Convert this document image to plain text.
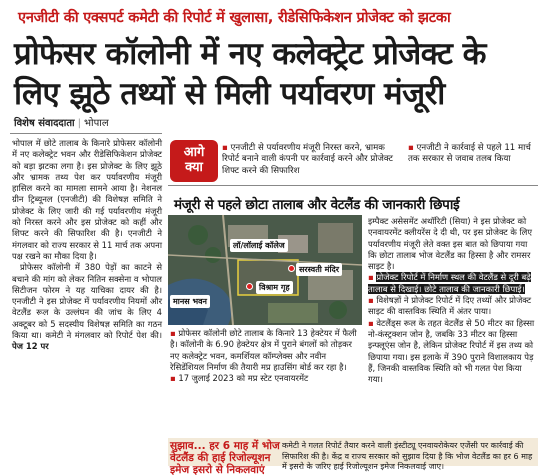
एनजीटी की एक्सपर्ट कमेटी की रिपोर्ट में खुलासा, रीडेसिफिकेशन प्रोजेक्ट को झटका
प्रोफेसर कॉलोनी में नए कलेक्ट्रेट प्रोजेक्ट के लिए झूठे तथ्यों से मिली पर्यावरण मंजूरी
विशेष संवाददाता | भोपाल

भोपाल में छोटे तालाब के किनारे प्रोफेसर कॉलोनी में नए कलेक्ट्रेट भवन और रीडेसिफिकेशन प्रोजेक्ट को बड़ा झटका लगा है। इस प्रोजेक्ट के लिए झूठे और भ्रामक तथ्य पेश कर पर्यावरणीय मंजूरी हासिल करने का मामला सामने आया है। नेशनल ग्रीन ट्रिब्यूनल (एनजीटी) की विशेषज्ञ समिति ने प्रोजेक्ट के लिए जारी की गई पर्यावरणीय मंजूरी को निरस्त करने और इस प्रोजेक्ट को कहीं और शिफ्ट करने की सिफारिश की है। एनजीटी ने मंगलवार को राज्य सरकार से 11 मार्च तक अपना पक्ष रखने का मौका दिया है।

प्रोफेसर कॉलोनी में 380 पेड़ों का काटने से बचाने की मांग को लेकर नितिन सक्सेना व भोपाल सिटीजन फोरम ने यह याचिका दायर की है। एनजीटी ने इस प्रोजेक्ट में पर्यावरणीय नियमों और वेटलैंड रूल के उल्लंघन की जांच के लिए 4 अक्टूबर को 5 सदस्यीय विशेषज्ञ समिति का गठन किया था। कमेटी ने मंगलवार को रिपोर्ट पेश की। पेज 12 पर

आगे
क्या
▪ एनजीटी से पर्यावरणीय मंजूरी निरस्त करने, भ्रामक रिपोर्ट बनाने वाली कंपनी पर कार्रवाई करने और प्रोजेक्ट शिफ्ट करने की सिफारिश
▪ एनजीटी ने कार्रवाई से पहले 11 मार्च तक सरकार से जवाब तलब किया
मंजूरी से पहले छोटा तालाब और वेटलैंड की जानकारी छिपाई
लॉ/लॉलाई कॉलेज
सरस्वती मंदिर
विश्राम गृह
मानस भवन

▪ प्रोफेसर कॉलोनी छोटे तालाब के किनारे 13 हेक्टेयर में फैली है। कॉलोनी के 6.90 हेक्टेयर क्षेत्र में पुराने बंगलों को तोड़कर नए कलेक्ट्रेट भवन, कमर्शियल कॉम्प्लेक्स और नवीन रेसिडेंशियल निर्माण की तैयारी मप्र हाउसिंग बोर्ड कर रहा है।

▪ 17 जुलाई 2023 को मप्र स्टेट एनवायरमेंट

इम्पैक्ट असेसमेंट अथॉरिटी (सिया) ने इस प्रोजेक्ट को एनवायरमेंट क्लीयरेंस दे दी थी, पर इस प्रोजेक्ट के लिए पर्यावरणीय मंजूरी लेते वक्त इस बात को छिपाया गया कि छोटा तालाब भोज वेटलैंड का हिस्सा है और रामसर साइट है।

▪ प्रोजेक्ट रिपोर्ट में निर्माण स्थल की वेटलैंड से दूरी बढ़े तालाब से दिखाई। छोटे तालाब की जानकारी छिपाई।

▪ विशेषज्ञों ने प्रोजेक्ट रिपोर्ट में दिए तथ्यों और प्रोजेक्ट साइट की वास्तविक स्थिति में अंतर पाया।

▪ वेटलैंड्स रूल के तहत वेटलैंड से 50 मीटर का हिस्सा नो-कंस्ट्रक्शन जोन है, जबकि 33 मीटर का हिस्सा इन्फ्लूएंस जोन है, लेकिन प्रोजेक्ट रिपोर्ट में इस तथ्य को छिपाया गया। इस इलाके में 390 पुराने विशालकाय पेड़ हैं, जिनकी वास्तविक स्थिति को भी गलत पेश किया गया।

सुझाव... हर 6 माह में भोज वेटलैंड की हाई रिजोल्यूशन इमेज इसरो से निकलवाएं
कमेटी ने गलत रिपोर्ट तैयार करने वाली इंस्टीट्यू एनवायरोकेयर एजेंसी पर कार्रवाई की सिफारिश की है। केंद्र व राज्य सरकार को सुझाव दिया है कि भोज वेटलैंड का हर 6 माह में इसरो के जरिए हाई रिजोल्यूशन इमेज निकलवाई जाए।
